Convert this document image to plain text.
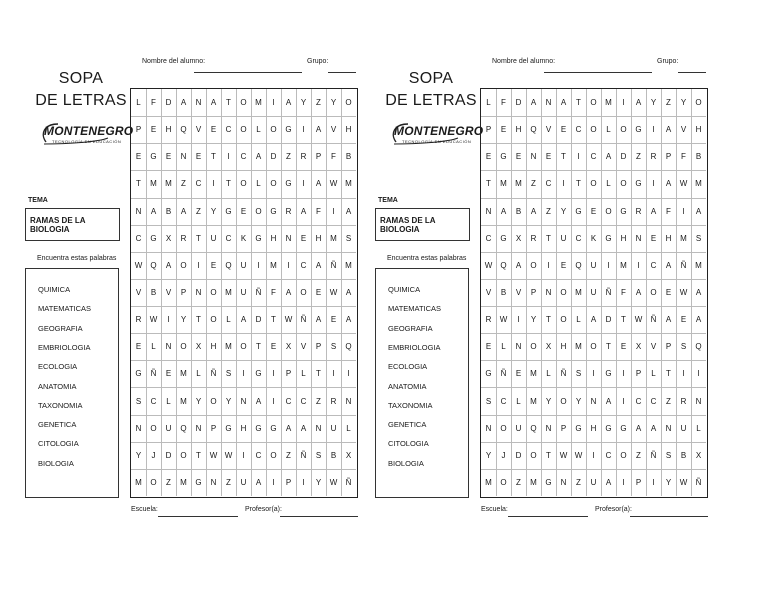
SOPA
DE LETRAS
MONTENEGRO
TECNOLOGÍA EN EDUCACIÓN
Nombre del alumno:	Grupo:
TEMA
RAMAS DE LA BIOLOGIA
Encuentra estas palabras
QUIMICA
MATEMATICAS
GEOGRAFIA
EMBRIOLOGIA
ECOLOGIA
ANATOMIA
TAXONOMIA
GENETICA
CITOLOGIA
BIOLOGIA
L	F	D	A	N	A	T	O	M	I	A	Y	Z	Y	O
P	E	H	Q	V	E	C	O	L	O	G	I	A	V	H
E	G	E	N	E	T	I	C	A	D	Z	R	P	F	B
T	M	M	Z	C	I	T	O	L	O	G	I	A	W M
N	A	B	A	Z	Y	G	E	O	G	R	A	F	I	A
C	G	X	R	T	U	C	K	G	H	N	E	H	M	S
W	Q	A	O	I	E	Q	U	I	M	I	C	A	Ñ	M
V	B	V	P	N	O	M	U	Ñ	F	A	O	E	W	A
R	W	I	Y	T	O	L	A	D	T	W	Ñ	A	E	A
E	L	N	O	X	H	M	O	T	E	X	V	P	S	Q
G	Ñ	E	M	L	Ñ	S	I	G	I	P	L	T	I	I
S	C	L	M	Y	O	Y	N	A	I	C	C	Z	R	N
N	O	U	Q	N	P	G	H	G	G	A	A	N	U	L
Y	J	D	O	T	W W	I	C	O	Z	Ñ	S	B	X
M	O	Z	M	G	N	Z	U	A	I	P	I	Y	W	Ñ
Escuela:	Profesor(a):
SOPA
DE LETRAS
MONTENEGRO
TECNOLOGÍA EN EDUCACIÓN
Nombre del alumno:	Grupo:
TEMA
RAMAS DE LA BIOLOGIA
Encuentra estas palabras
QUIMICA
MATEMATICAS
GEOGRAFIA
EMBRIOLOGIA
ECOLOGIA
ANATOMIA
TAXONOMIA
GENETICA
CITOLOGIA
BIOLOGIA
L	F	D	A	N	A	T	O	M	I	A	Y	Z	Y	O
P	E	H	Q	V	E	C	O	L	O	G	I	A	V	H
E	G	E	N	E	T	I	C	A	D	Z	R	P	F	B
T	M	M	Z	C	I	T	O	L	O	G	I	A	W M
N	A	B	A	Z	Y	G	E	O	G	R	A	F	I	A
C	G	X	R	T	U	C	K	G	H	N	E	H	M	S
W	Q	A	O	I	E	Q	U	I	M	I	C	A	Ñ	M
V	B	V	P	N	O	M	U	Ñ	F	A	O	E	W	A
R	W	I	Y	T	O	L	A	D	T	W	Ñ	A	E	A
E	L	N	O	X	H	M	O	T	E	X	V	P	S	Q
G	Ñ	E	M	L	Ñ	S	I	G	I	P	L	T	I	I
S	C	L	M	Y	O	Y	N	A	I	C	C	Z	R	N
N	O	U	Q	N	P	G	H	G	G	A	A	N	U	L
Y	J	D	O	T	W W	I	C	O	Z	Ñ	S	B	X
M	O	Z	M	G	N	Z	U	A	I	P	I	Y	W	Ñ
Escuela:	Profesor(a):
